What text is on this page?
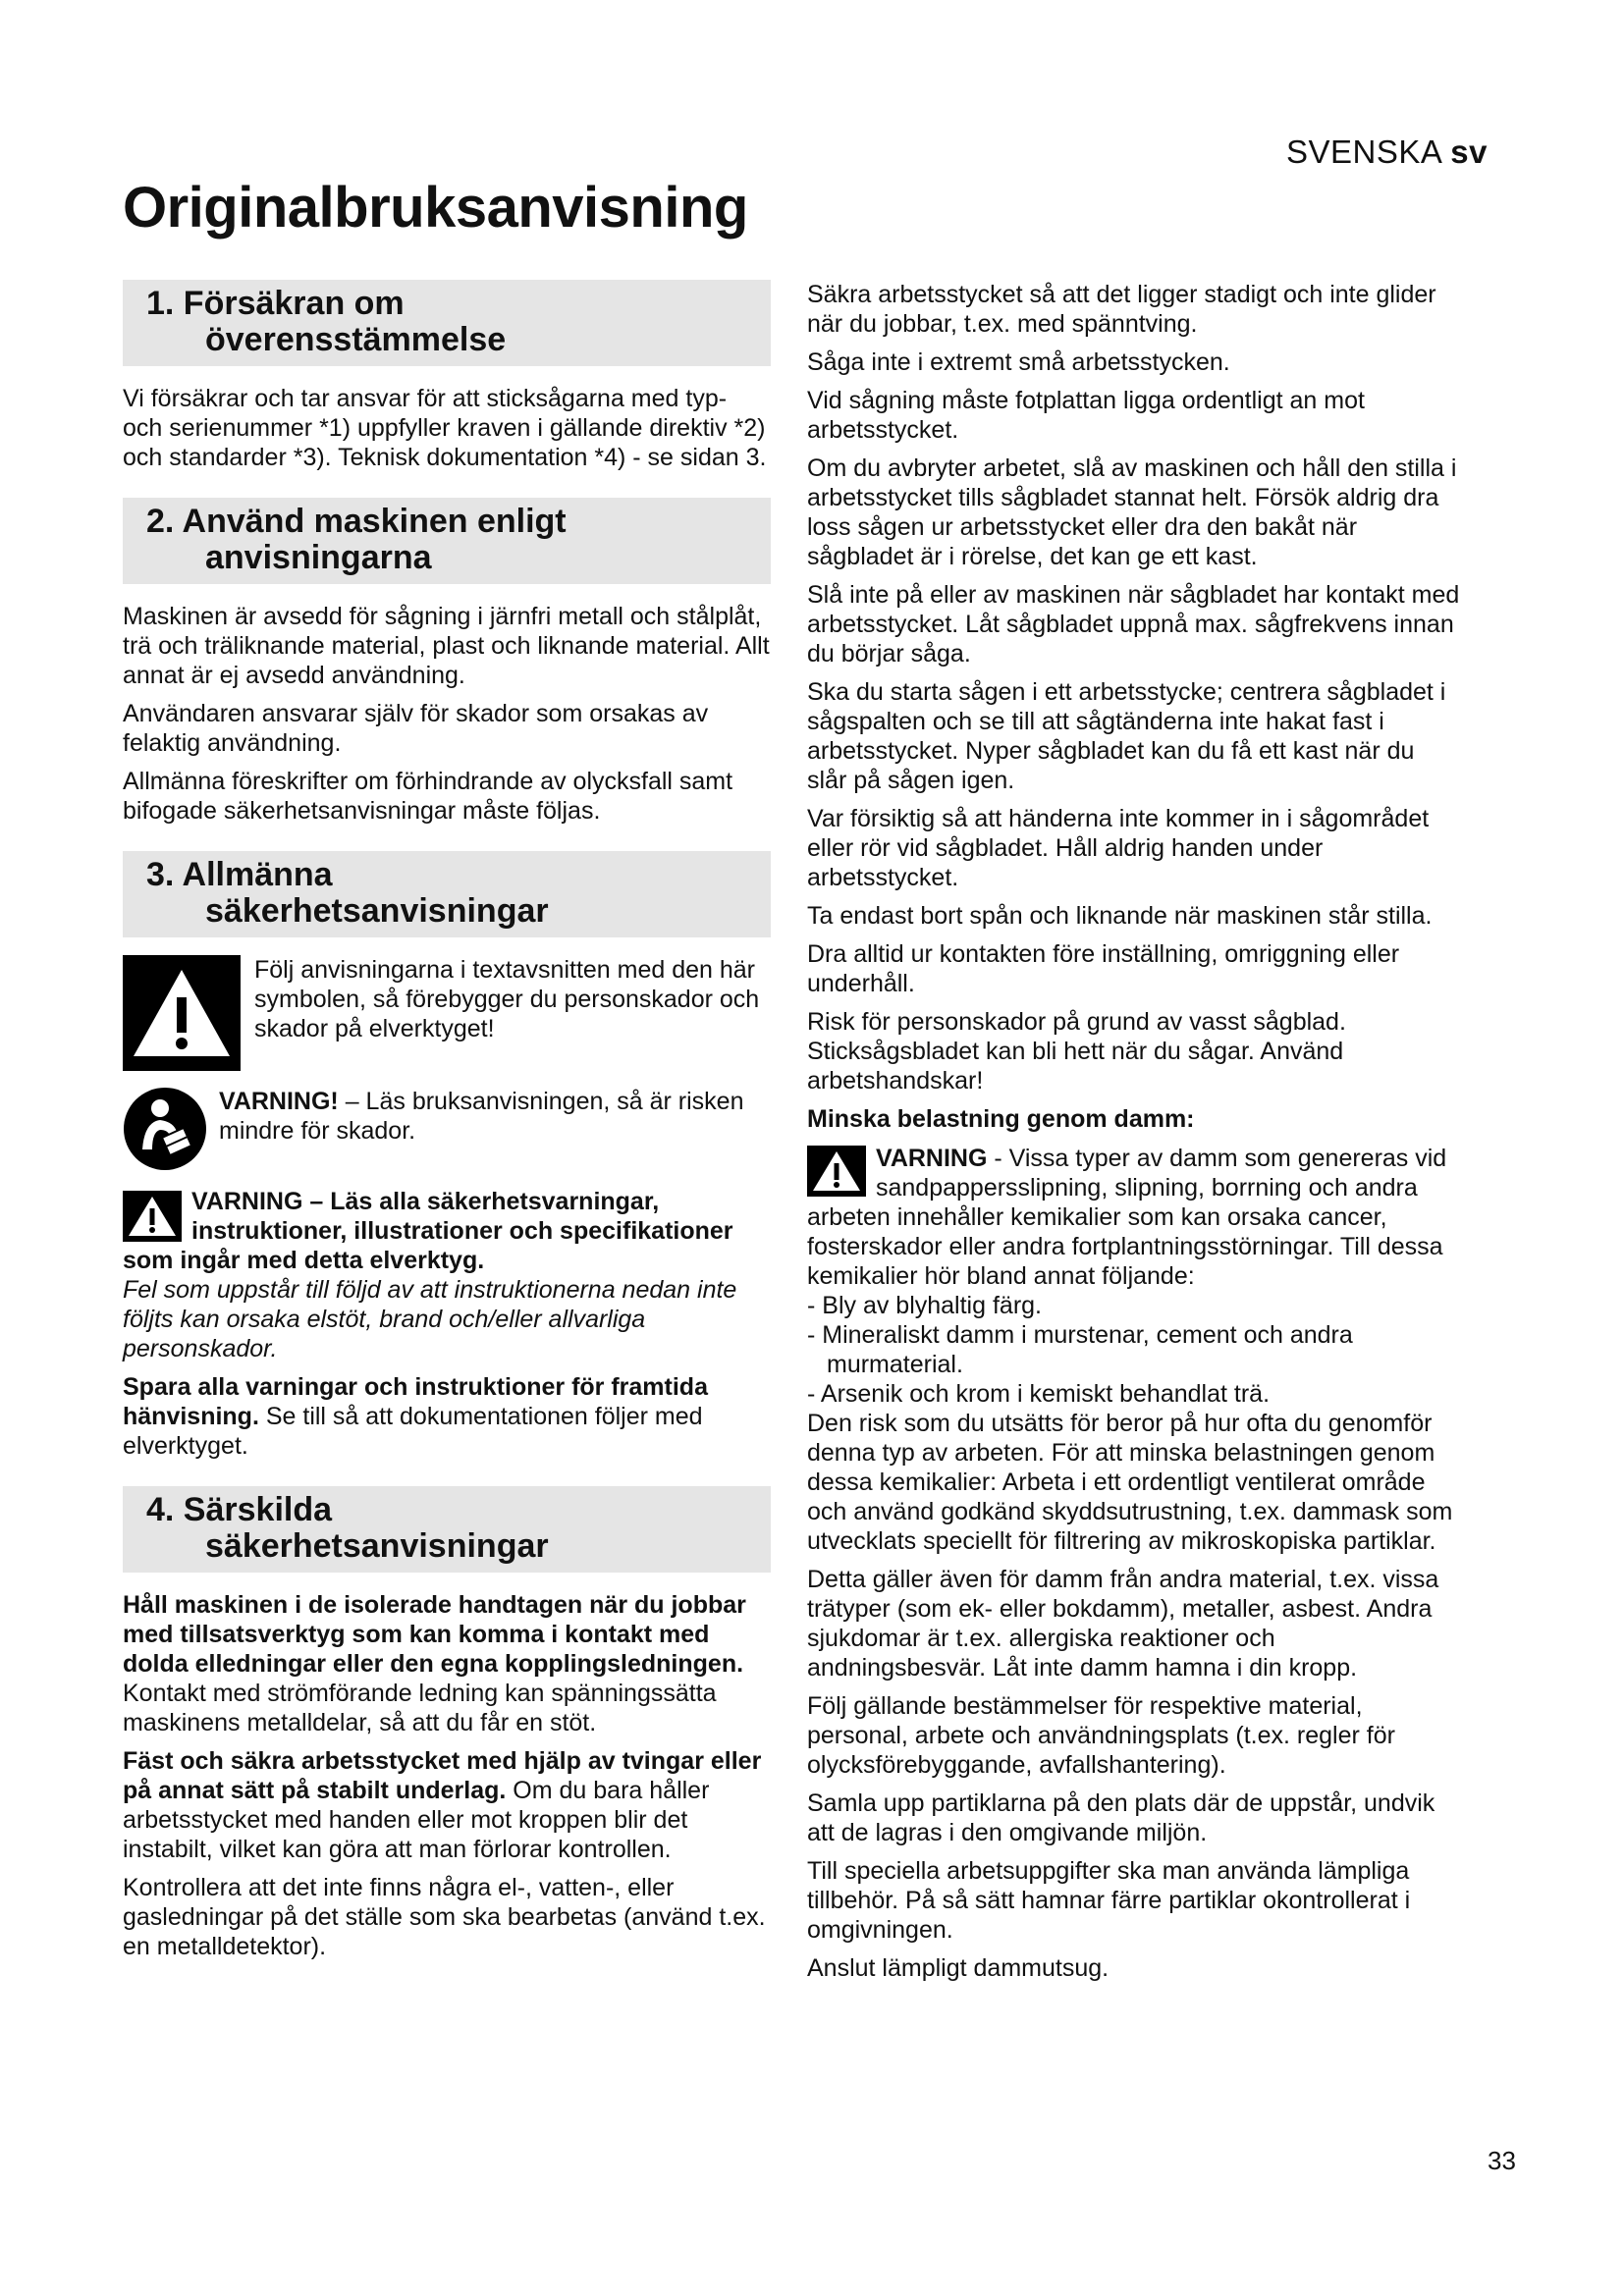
SVENSKA sv
Originalbruksanvisning
1. Försäkran om
överensstämmelse

Vi försäkrar och tar ansvar för att sticksågarna med typ- och serienummer *1) uppfyller kraven i gällande direktiv *2) och standarder *3). Teknisk dokumentation *4) - se sidan 3.

2. Använd maskinen enligt
anvisningarna

Maskinen är avsedd för sågning i järnfri metall och stålplåt, trä och träliknande material, plast och liknande material. Allt annat är ej avsedd användning.

Användaren ansvarar själv för skador som orsakas av felaktig användning.

Allmänna föreskrifter om förhindrande av olycksfall samt bifogade säkerhetsanvisningar måste följas.

3. Allmänna
säkerhetsanvisningar

Följ anvisningarna i textavsnitten med den här symbolen, så förebygger du personskador och skador på elverktyget!

VARNING! – Läs bruksanvisningen, så är risken mindre för skador.

VARNING – Läs alla säkerhetsvarningar, instruktioner, illustrationer och specifikationer som ingår med detta elverktyg.

Fel som uppstår till följd av att instruktionerna nedan inte följts kan orsaka elstöt, brand och/eller allvarliga personskador.

Spara alla varningar och instruktioner för framtida hänvisning. Se till så att dokumentationen följer med elverktyget.

4. Särskilda
säkerhetsanvisningar

Håll maskinen i de isolerade handtagen när du jobbar med tillsatsverktyg som kan komma i kontakt med dolda elledningar eller den egna kopplingsledningen. Kontakt med strömförande ledning kan spänningssätta maskinens metalldelar, så att du får en stöt.

Fäst och säkra arbetsstycket med hjälp av tvingar eller på annat sätt på stabilt underlag. Om du bara håller arbetsstycket med handen eller mot kroppen blir det instabilt, vilket kan göra att man förlorar kontrollen.

Kontrollera att det inte finns några el-, vatten-, eller gasledningar på det ställe som ska bearbetas (använd t.ex. en metalldetektor).

Säkra arbetsstycket så att det ligger stadigt och inte glider när du jobbar, t.ex. med spänntving.

Såga inte i extremt små arbetsstycken.

Vid sågning måste fotplattan ligga ordentligt an mot arbetsstycket.

Om du avbryter arbetet, slå av maskinen och håll den stilla i arbetsstycket tills sågbladet stannat helt. Försök aldrig dra loss sågen ur arbetsstycket eller dra den bakåt när sågbladet är i rörelse, det kan ge ett kast.

Slå inte på eller av maskinen när sågbladet har kontakt med arbetsstycket. Låt sågbladet uppnå max. sågfrekvens innan du börjar såga.

Ska du starta sågen i ett arbetsstycke; centrera sågbladet i sågspalten och se till att sågtänderna inte hakat fast i arbetsstycket. Nyper sågbladet kan du få ett kast när du slår på sågen igen.

Var försiktig så att händerna inte kommer in i sågområdet eller rör vid sågbladet. Håll aldrig handen under arbetsstycket.

Ta endast bort spån och liknande när maskinen står stilla.

Dra alltid ur kontakten före inställning, omriggning eller underhåll.

Risk för personskador på grund av vasst sågblad. Sticksågsbladet kan bli hett när du sågar. Använd arbetshandskar!

Minska belastning genom damm:

VARNING - Vissa typer av damm som genereras vid sandpappersslipning, slipning, borrning och andra arbeten innehåller kemikalier som kan orsaka cancer, fosterskador eller andra fortplantningsstörningar. Till dessa kemikalier hör bland annat följande:

- Bly av blyhaltig färg.

- Mineraliskt damm i murstenar, cement och andra murmaterial.

- Arsenik och krom i kemiskt behandlat trä.

Den risk som du utsätts för beror på hur ofta du genomför denna typ av arbeten. För att minska belastningen genom dessa kemikalier: Arbeta i ett ordentligt ventilerat område och använd godkänd skyddsutrustning, t.ex. dammask som utvecklats speciellt för filtrering av mikroskopiska partiklar.

Detta gäller även för damm från andra material, t.ex. vissa trätyper (som ek- eller bokdamm), metaller, asbest. Andra sjukdomar är t.ex. allergiska reaktioner och andningsbesvär. Låt inte damm hamna i din kropp.

Följ gällande bestämmelser för respektive material, personal, arbete och användningsplats (t.ex. regler för olycksförebyggande, avfallshantering).

Samla upp partiklarna på den plats där de uppstår, undvik att de lagras i den omgivande miljön.

Till speciella arbetsuppgifter ska man använda lämpliga tillbehör. På så sätt hamnar färre partiklar okontrollerat i omgivningen.

Anslut lämpligt dammutsug.

33
